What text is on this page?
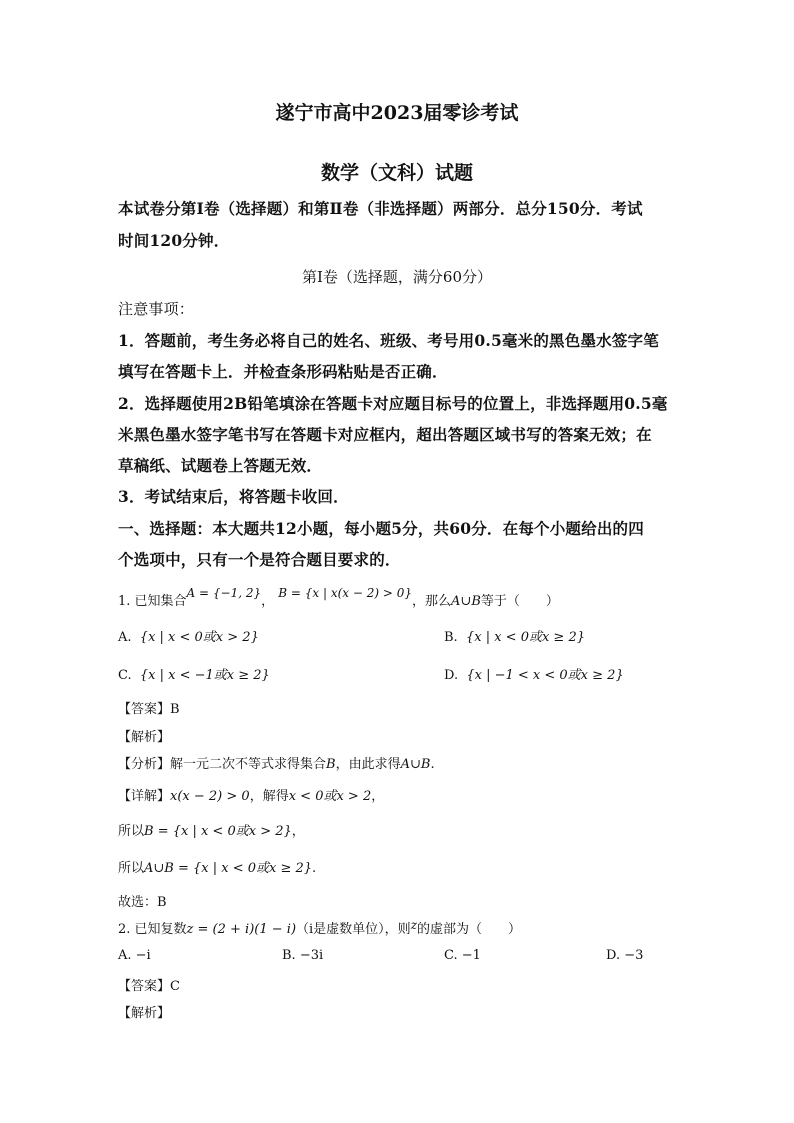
遂宁市高中2023届零诊考试
数学（文科）试题
本试卷分第Ⅰ卷（选择题）和第Ⅱ卷（非选择题）两部分．总分150分．考试
时间120分钟．
第Ⅰ卷（选择题，满分60分）
注意事项：
1．答题前，考生务必将自己的姓名、班级、考号用0.5毫米的黑色墨水签字笔
填写在答题卡上．并检查条形码粘贴是否正确．
2．选择题使用2B铅笔填涂在答题卡对应题目标号的位置上，非选择题用0.5毫
米黑色墨水签字笔书写在答题卡对应框内，超出答题区域书写的答案无效；在
草稿纸、试题卷上答题无效．
3．考试结束后，将答题卡收回．
一、选择题：本大题共12小题，每小题5分，共60分．在每个小题给出的四
个选项中，只有一个是符合题目要求的．
1. 已知集合A = {−1, 2}， B = {x | x(x − 2) > 0}，那么A∪B等于（　　）
A. {x | x < 0或x > 2}	B. {x | x < 0或x ≥ 2}
C. {x | x < −1或x ≥ 2}	D. {x | −1 < x < 0或x ≥ 2}
【答案】B
【解析】
【分析】解一元二次不等式求得集合B，由此求得A∪B.
【详解】x(x − 2) > 0，解得x < 0或x > 2，
所以B = {x | x < 0或x > 2}，
所以A∪B = {x | x < 0或x ≥ 2}.
故选：B
2. 已知复数z = (2 + i)(1 − i)（i是虚数单位），则z的虚部为（　　）
A. −i	B. −3i	C. −1	D. −3
【答案】C
【解析】
